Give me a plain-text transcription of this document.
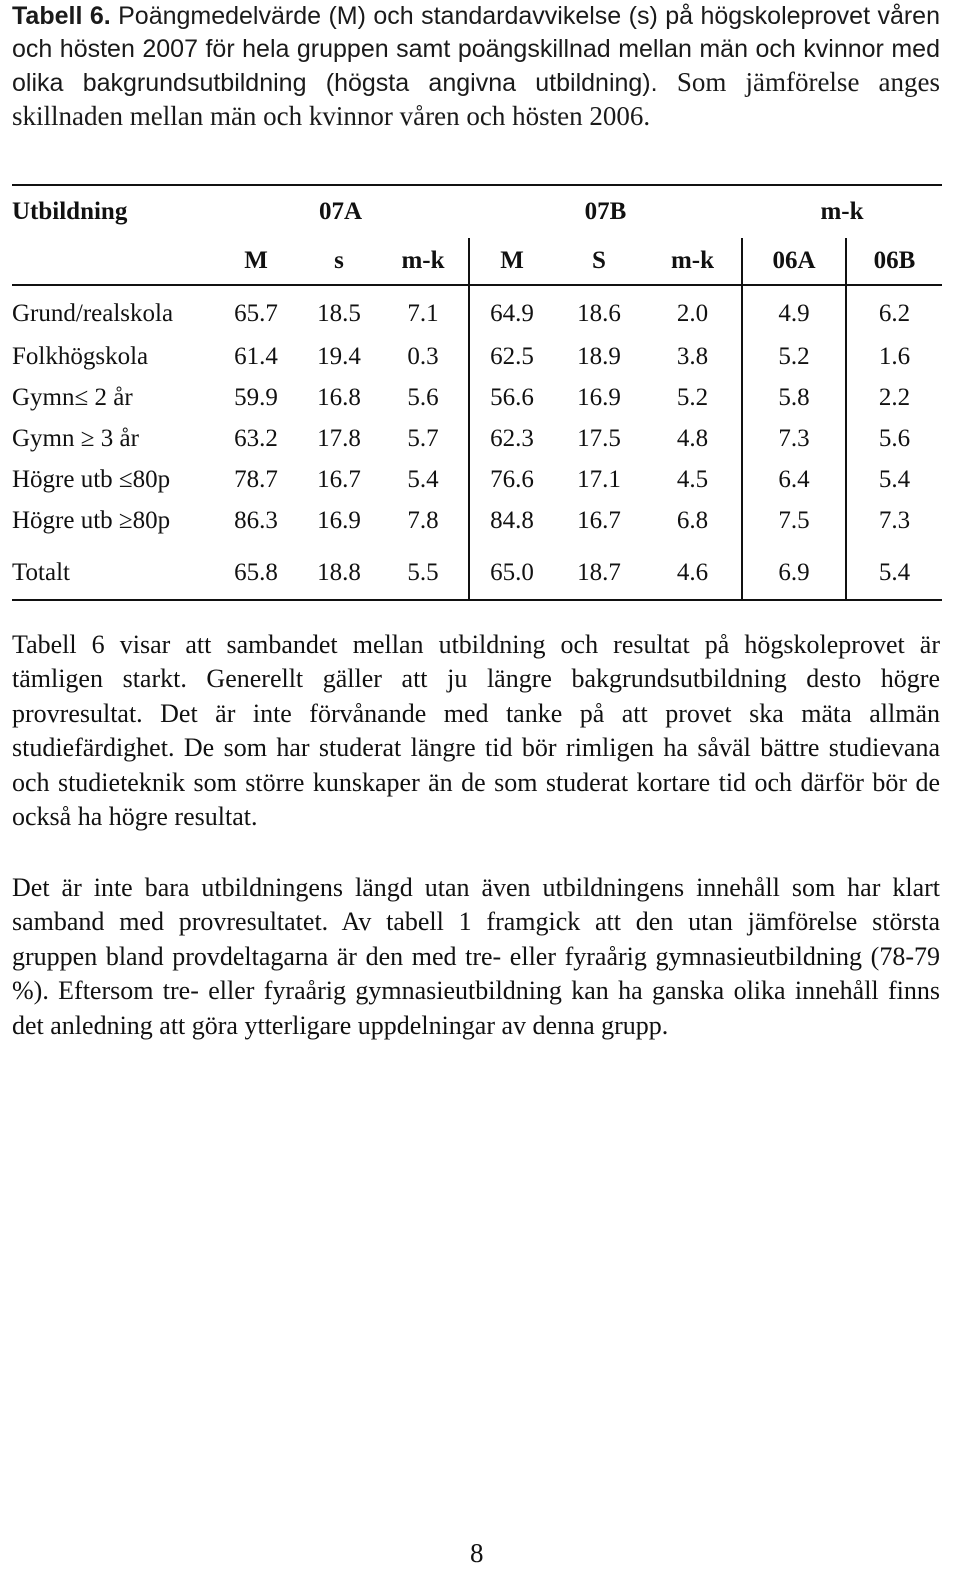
Tabell 6. Poängmedelvärde (M) och standardavvikelse (s) på högskoleprovet våren och hösten 2007 för hela gruppen samt poängskillnad mellan män och kvinnor med olika bakgrundsutbildning (högsta angivna utbildning). Som jämförelse anges skillnaden mellan män och kvinnor våren och hösten 2006.
Utbildning	07A			07B			m-k	
	M	s	m-k	M	S	m-k	06A	06B
Grund/realskola	65.7	18.5	7.1	64.9	18.6	2.0	4.9	6.2
Folkhögskola	61.4	19.4	0.3	62.5	18.9	3.8	5.2	1.6
Gymn≤ 2 år	59.9	16.8	5.6	56.6	16.9	5.2	5.8	2.2
Gymn ≥ 3 år	63.2	17.8	5.7	62.3	17.5	4.8	7.3	5.6
Högre utb ≤80p	78.7	16.7	5.4	76.6	17.1	4.5	6.4	5.4
Högre utb ≥80p	86.3	16.9	7.8	84.8	16.7	6.8	7.5	7.3
Totalt	65.8	18.8	5.5	65.0	18.7	4.6	6.9	5.4

Tabell 6 visar att sambandet mellan utbildning och resultat på högskoleprovet är tämligen starkt. Generellt gäller att ju längre bakgrundsutbildning desto högre provresultat. Det är inte förvånande med tanke på att provet ska mäta allmän studiefärdighet. De som har studerat längre tid bör rimligen ha såväl bättre studievana och studieteknik som större kunskaper än de som studerat kortare tid och därför bör de också ha högre resultat.

Det är inte bara utbildningens längd utan även utbildningens innehåll som har klart samband med provresultatet. Av tabell 1 framgick att den utan jämförelse största gruppen bland provdeltagarna är den med tre- eller fyraårig gymnasieutbildning (78-79 %). Eftersom tre- eller fyraårig gymnasieutbildning kan ha ganska olika innehåll finns det anledning att göra ytterligare uppdelningar av denna grupp.

8
